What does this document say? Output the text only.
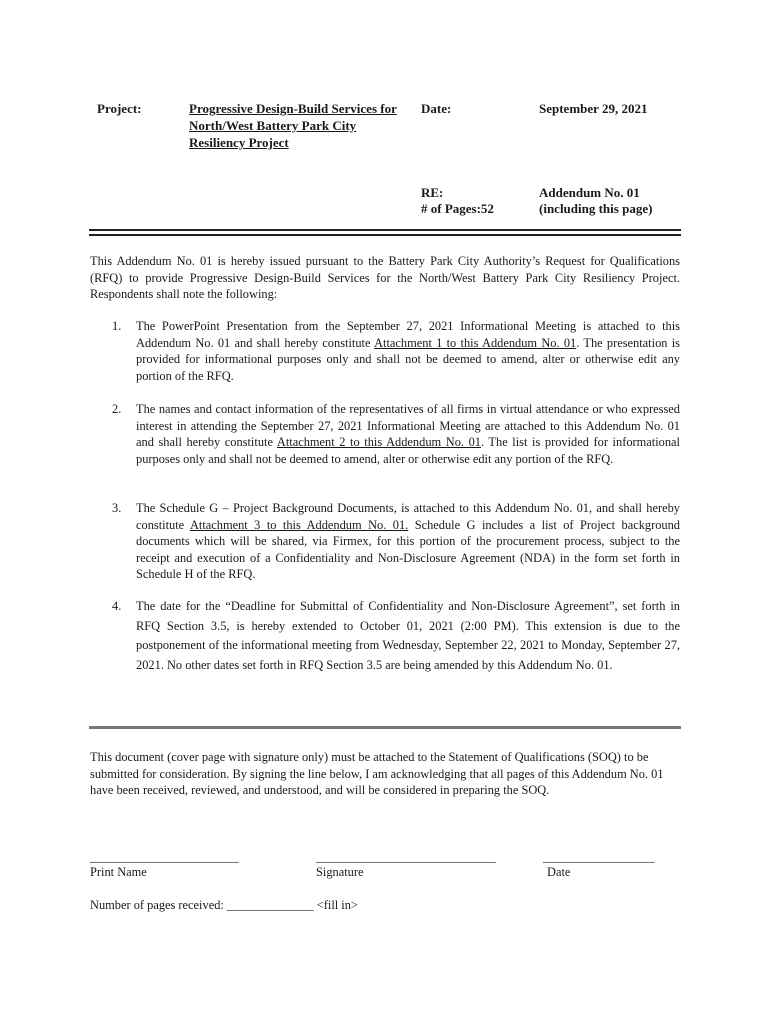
Project:	Progressive Design-Build Services for North/West Battery Park City Resiliency Project
Date:	September 29, 2021
RE:
# of Pages:52
Addendum No. 01
(including this page)

This Addendum No. 01 is hereby issued pursuant to the Battery Park City Authority’s Request for Qualifications (RFQ) to provide Progressive Design-Build Services for the North/West Battery Park City Resiliency Project. Respondents shall note the following:

1. The PowerPoint Presentation from the September 27, 2021 Informational Meeting is attached to this Addendum No. 01 and shall hereby constitute Attachment 1 to this Addendum No. 01. The presentation is provided for informational purposes only and shall not be deemed to amend, alter or otherwise edit any portion of the RFQ.
2. The names and contact information of the representatives of all firms in virtual attendance or who expressed interest in attending the September 27, 2021 Informational Meeting are attached to this Addendum No. 01 and shall hereby constitute Attachment 2 to this Addendum No. 01. The list is provided for informational purposes only and shall not be deemed to amend, alter or otherwise edit any portion of the RFQ.
3. The Schedule G – Project Background Documents, is attached to this Addendum No. 01, and shall hereby constitute Attachment 3 to this Addendum No. 01. Schedule G includes a list of Project background documents which will be shared, via Firmex, for this portion of the procurement process, subject to the receipt and execution of a Confidentiality and Non-Disclosure Agreement (NDA) in the form set forth in Schedule H of the RFQ.
4. The date for the “Deadline for Submittal of Confidentiality and Non-Disclosure Agreement”, set forth in RFQ Section 3.5, is hereby extended to October 01, 2021 (2:00 PM). This extension is due to the postponement of the informational meeting from Wednesday, September 22, 2021 to Monday, September 27, 2021. No other dates set forth in RFQ Section 3.5 are being amended by this Addendum No. 01.

This document (cover page with signature only) must be attached to the Statement of Qualifications (SOQ) to be submitted for consideration. By signing the line below, I am acknowledging that all pages of this Addendum No. 01 have been received, reviewed, and understood, and will be considered in preparing the SOQ.

________________________
Print Name
_____________________________
Signature
__________________
Date
Number of pages received: ______________ <fill in>
